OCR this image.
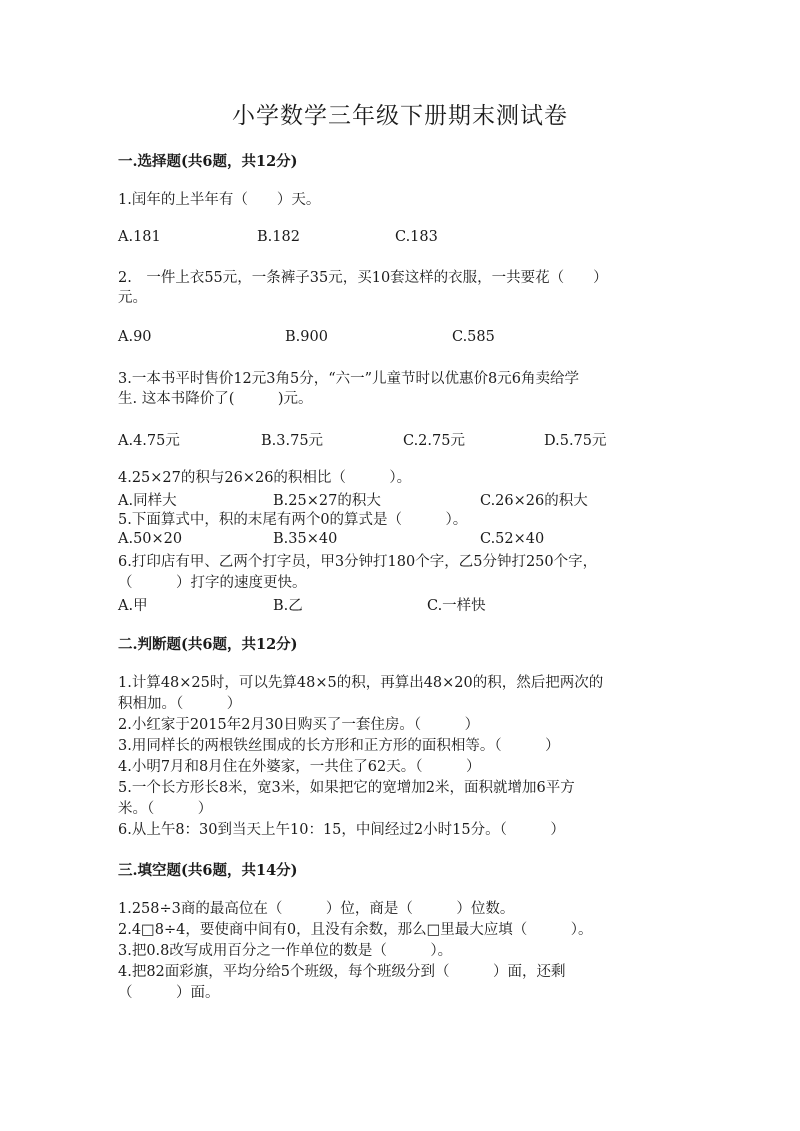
小学数学三年级下册期末测试卷
一.选择题(共6题，共12分)
1.闰年的上半年有（　　）天。
A.181	B.182	C.183
2.　一件上衣55元，一条裤子35元，买10套这样的衣服，一共要花（　　）
元。
A.90	B.900	C.585
3.一本书平时售价12元3角5分，“六一”儿童节时以优惠价8元6角卖给学
生. 这本书降价了(　　　)元。
A.4.75元	B.3.75元	C.2.75元	D.5.75元
4.25×27的积与26×26的积相比（　　　）。
A.同样大	B.25×27的积大	C.26×26的积大
5.下面算式中，积的末尾有两个0的算式是（　　　）。
A.50×20	B.35×40	C.52×40
6.打印店有甲、乙两个打字员，甲3分钟打180个字，乙5分钟打250个字，
（　　　）打字的速度更快。
A.甲	B.乙	C.一样快
二.判断题(共6题，共12分)
1.计算48×25时，可以先算48×5的积，再算出48×20的积，然后把两次的
积相加。（　　　）
2.小红家于2015年2月30日购买了一套住房。（　　　）
3.用同样长的两根铁丝围成的长方形和正方形的面积相等。（　　　）
4.小明7月和8月住在外婆家，一共住了62天。（　　　）
5.一个长方形长8米，宽3米，如果把它的宽增加2米，面积就增加6平方
米。（　　　）
6.从上午8：30到当天上午10：15，中间经过2小时15分。（　　　）
三.填空题(共6题，共14分)
1.258÷3商的最高位在（　　　）位，商是（　　　）位数。
2.4□8÷4，要使商中间有0，且没有余数，那么□里最大应填（　　　）。
3.把0.8改写成用百分之一作单位的数是（　　　）。
4.把82面彩旗，平均分给5个班级，每个班级分到（　　　）面，还剩
（　　　）面。
